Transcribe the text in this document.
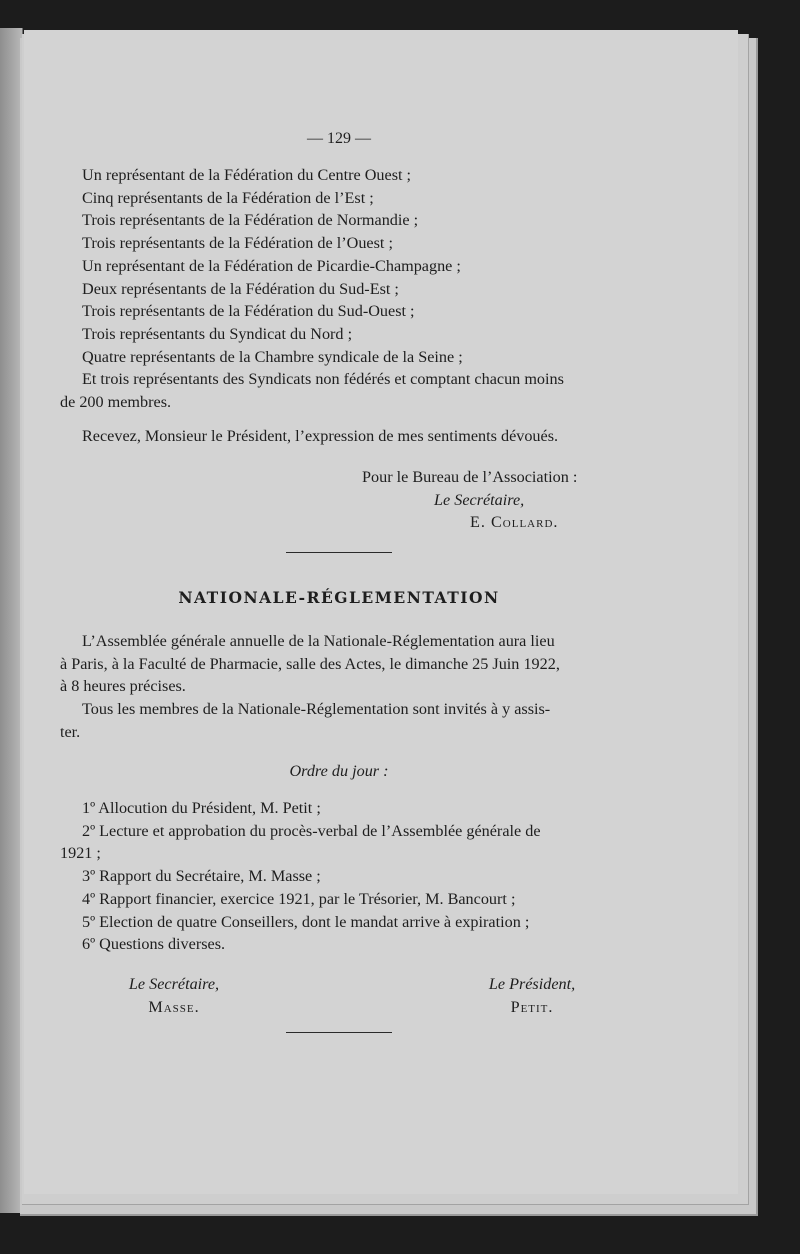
— 129 —
Un représentant de la Fédération du Centre Ouest ;
Cinq représentants de la Fédération de l’Est ;
Trois représentants de la Fédération de Normandie ;
Trois représentants de la Fédération de l’Ouest ;
Un représentant de la Fédération de Picardie-Champagne ;
Deux représentants de la Fédération du Sud-Est ;
Trois représentants de la Fédération du Sud-Ouest ;
Trois représentants du Syndicat du Nord ;
Quatre représentants de la Chambre syndicale de la Seine ;
Et trois représentants des Syndicats non fédérés et comptant chacun moins
de 200 membres.
Recevez, Monsieur le Président, l’expression de mes sentiments dévoués.
Pour le Bureau de l’Association :
Le Secrétaire,
E. Collard.
NATIONALE-RÉGLEMENTATION
L’Assemblée générale annuelle de la Nationale-Réglementation aura lieu
à Paris, à la Faculté de Pharmacie, salle des Actes, le dimanche 25 Juin 1922,
à 8 heures précises.
Tous les membres de la Nationale-Réglementation sont invités à y assis-
ter.
Ordre du jour :
1º Allocution du Président, M. Petit ;
2º Lecture et approbation du procès-verbal de l’Assemblée générale de
1921 ;
3º Rapport du Secrétaire, M. Masse ;
4º Rapport financier, exercice 1921, par le Trésorier, M. Bancourt ;
5º Election de quatre Conseillers, dont le mandat arrive à expiration ;
6º Questions diverses.
Le Secrétaire,
Masse.
Le Président,
Petit.
